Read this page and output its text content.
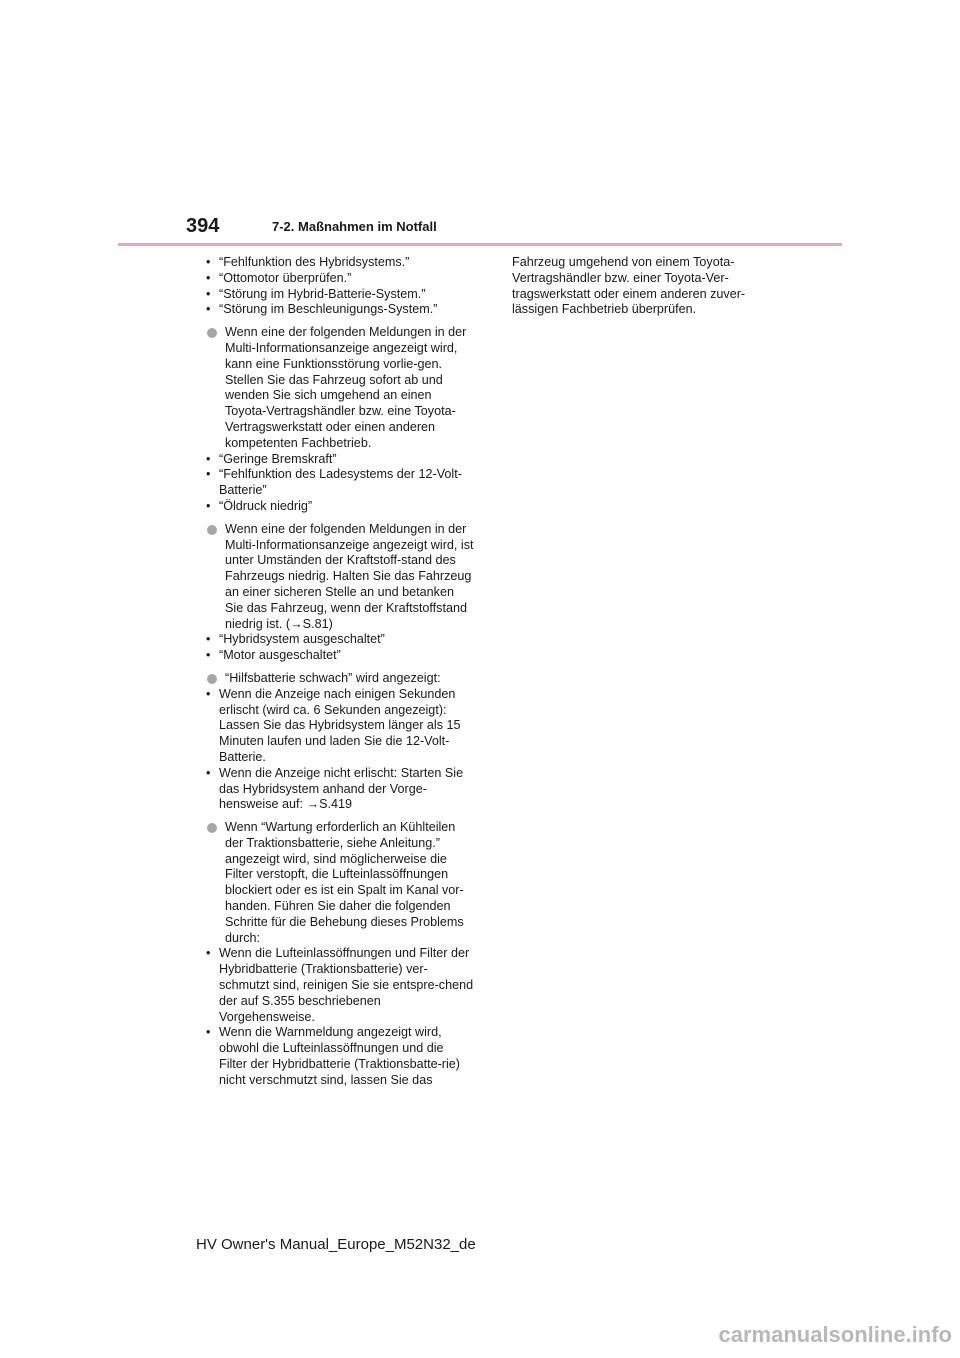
394	7-2. Maßnahmen im Notfall
• “Fehlfunktion des Hybridsystems.”
• “Ottomotor überprüfen.”
• “Störung im Hybrid-Batterie-System.”
• “Störung im Beschleunigungs-System.”
Wenn eine der folgenden Meldungen in der Multi-Informationsanzeige angezeigt wird, kann eine Funktionsstörung vorlie-gen. Stellen Sie das Fahrzeug sofort ab und wenden Sie sich umgehend an einen Toyota-Vertragshändler bzw. eine Toyota-Vertragswerkstatt oder einen anderen kompetenten Fachbetrieb.
• “Geringe Bremskraft”
• “Fehlfunktion des Ladesystems der 12-Volt-Batterie”
• “Öldruck niedrig”
Wenn eine der folgenden Meldungen in der Multi-Informationsanzeige angezeigt wird, ist unter Umständen der Kraftstoff-stand des Fahrzeugs niedrig. Halten Sie das Fahrzeug an einer sicheren Stelle an und betanken Sie das Fahrzeug, wenn der Kraftstoffstand niedrig ist. (→S.81)
• “Hybridsystem ausgeschaltet”
• “Motor ausgeschaltet”
“Hilfsbatterie schwach” wird angezeigt:
• Wenn die Anzeige nach einigen Sekunden erlischt (wird ca. 6 Sekunden angezeigt): Lassen Sie das Hybridsystem länger als 15 Minuten laufen und laden Sie die 12-Volt-Batterie.
• Wenn die Anzeige nicht erlischt: Starten Sie das Hybridsystem anhand der Vorge-hensweise auf: →S.419
Wenn “Wartung erforderlich an Kühlteilen der Traktionsbatterie, siehe Anleitung.” angezeigt wird, sind möglicherweise die Filter verstopft, die Lufteinlassöffnungen blockiert oder es ist ein Spalt im Kanal vor-handen. Führen Sie daher die folgenden Schritte für die Behebung dieses Problems durch:
• Wenn die Lufteinlassöffnungen und Filter der Hybridbatterie (Traktionsbatterie) ver-schmutzt sind, reinigen Sie sie entspre-chend der auf S.355 beschriebenen Vorgehensweise.
• Wenn die Warnmeldung angezeigt wird, obwohl die Lufteinlassöffnungen und die Filter der Hybridbatterie (Traktionsbatte-rie) nicht verschmutzt sind, lassen Sie das
Fahrzeug umgehend von einem Toyota-Vertragshändler bzw. einer Toyota-Ver-tragswerkstatt oder einem anderen zuver-lässigen Fachbetrieb überprüfen.
HV Owner's Manual_Europe_M52N32_de
carmanualsonline.info
